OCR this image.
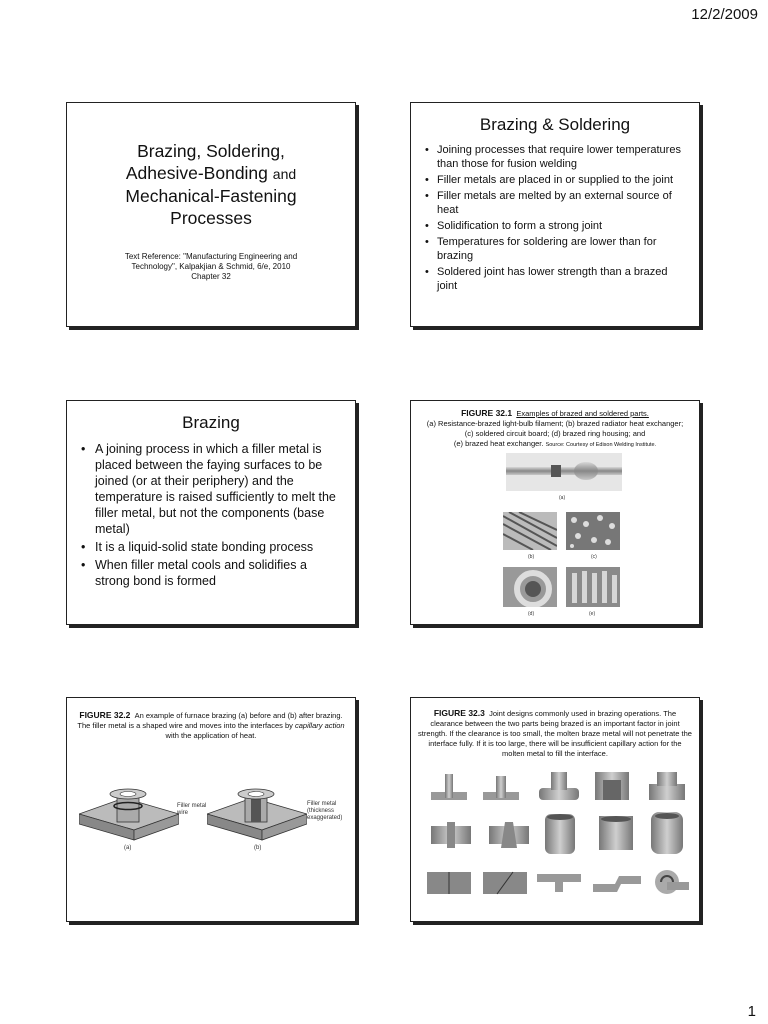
12/2/2009
Brazing, Soldering,
Adhesive-Bonding and
Mechanical-Fastening
Processes
Text Reference: "Manufacturing Engineering and
Technology", Kalpakjian & Schmid, 6/e, 2010
Chapter 32
Brazing & Soldering
• Joining processes that require lower temperatures than those for fusion welding
• Filler metals are placed in or supplied to the joint
• Filler metals are melted by an external source of heat
• Solidification to form a strong joint
• Temperatures for soldering are lower than for brazing
• Soldered joint has lower strength than a brazed joint
Brazing
• A joining process in which a filler metal is placed between the faying surfaces to be joined (or at their periphery) and the temperature is raised sufficiently to melt the filler metal, but not the components (base metal)
• It is a liquid-solid state bonding process
• When filler metal cools and solidifies a strong bond is formed
FIGURE 32.1 Examples of brazed and soldered parts.
(a) Resistance-brazed light-bulb filament; (b) brazed radiator heat exchanger;
(c) soldered circuit board; (d) brazed ring housing; and
(e) brazed heat exchanger. Source: Courtesy of Edison Welding Institute.
(a)
(b)	(c)
(d)	(e)
FIGURE 32.2 An example of furnace brazing (a) before and (b) after brazing. The filler metal is a shaped wire and moves into the interfaces by capillary action with the application of heat.
Filler metal
wire
Filler metal
(thickness
exaggerated)
(a)	(b)
FIGURE 32.3 Joint designs commonly used in brazing operations. The clearance between the two parts being brazed is an important factor in joint strength. If the clearance is too small, the molten braze metal will not penetrate the interface fully. If it is too large, there will be insufficient capillary action for the molten metal to fill the interface.
1
